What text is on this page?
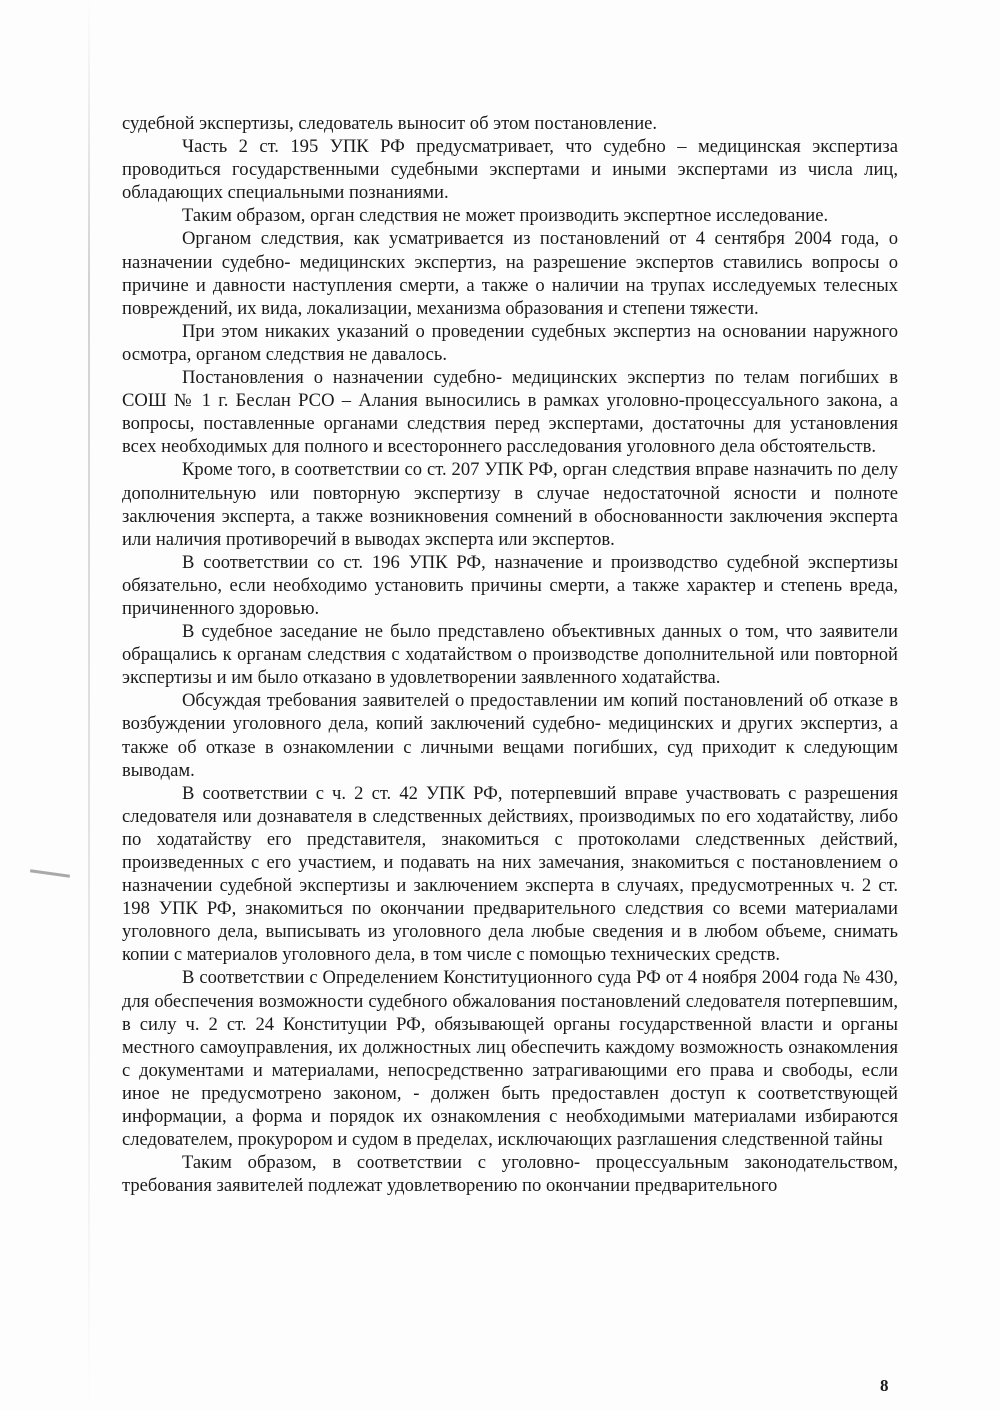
судебной экспертизы, следователь выносит об этом постановление.

Часть 2 ст. 195 УПК РФ предусматривает, что судебно – медицинская экспертиза проводиться государственными судебными экспертами и иными экспертами из числа лиц, обладающих специальными познаниями.

Таким образом, орган следствия не может производить экспертное исследование.

Органом следствия, как усматривается из постановлений от 4 сентября 2004 года, о назначении судебно- медицинских экспертиз, на разрешение экспертов ставились вопросы о причине и давности наступления смерти, а также о наличии на трупах исследуемых телесных повреждений, их вида, локализации, механизма образования и степени тяжести.

При этом никаких указаний о проведении судебных экспертиз на основании наружного осмотра, органом следствия не давалось.

Постановления о назначении судебно- медицинских экспертиз по телам погибших в СОШ № 1 г. Беслан РСО – Алания выносились в рамках уголовно-процессуального закона, а вопросы, поставленные органами следствия перед экспертами, достаточны для установления всех необходимых для полного и всестороннего расследования уголовного дела обстоятельств.

Кроме того, в соответствии со ст. 207 УПК РФ, орган следствия вправе назначить по делу дополнительную или повторную экспертизу в случае недостаточной ясности и полноте заключения эксперта, а также возникновения сомнений в обоснованности заключения эксперта или наличия противоречий в выводах эксперта или экспертов.

В соответствии со ст. 196 УПК РФ, назначение и производство судебной экспертизы обязательно, если необходимо установить причины смерти, а также характер и степень вреда, причиненного здоровью.

В судебное заседание не было представлено объективных данных о том, что заявители обращались к органам следствия с ходатайством о производстве дополнительной или повторной экспертизы и им было отказано в удовлетворении заявленного ходатайства.

Обсуждая требования заявителей о предоставлении им копий постановлений об отказе в возбуждении уголовного дела, копий заключений судебно- медицинских и других экспертиз, а также об отказе в ознакомлении с личными вещами погибших, суд приходит к следующим выводам.

В соответствии с ч. 2 ст. 42 УПК РФ, потерпевший вправе участвовать с разрешения следователя или дознавателя в следственных действиях, производимых по его ходатайству, либо по ходатайству его представителя, знакомиться с протоколами следственных действий, произведенных с его участием, и подавать на них замечания, знакомиться с постановлением о назначении судебной экспертизы и заключением эксперта в случаях, предусмотренных ч. 2 ст. 198 УПК РФ, знакомиться по окончании предварительного следствия со всеми материалами уголовного дела, выписывать из уголовного дела любые сведения и в любом объеме, снимать копии с материалов уголовного дела, в том числе с помощью технических средств.

В соответствии с Определением Конституционного суда РФ от 4 ноября 2004 года № 430, для обеспечения возможности судебного обжалования постановлений следователя потерпевшим, в силу ч. 2 ст. 24 Конституции РФ, обязывающей органы государственной власти и органы местного самоуправления, их должностных лиц обеспечить каждому возможность ознакомления с документами и материалами, непосредственно затрагивающими его права и свободы, если иное не предусмотрено законом, - должен быть предоставлен доступ к соответствующей информации, а форма и порядок их ознакомления с необходимыми материалами избираются следователем, прокурором и судом в пределах, исключающих разглашения следственной тайны

Таким образом, в соответствии с уголовно- процессуальным законодательством, требования заявителей подлежат удовлетворению по окончании предварительного

8
